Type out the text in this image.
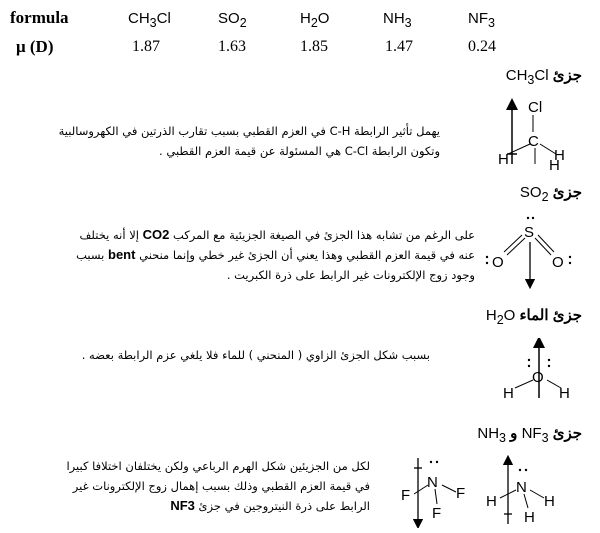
formula	$CH_3Cl$	$SO_2$	$H_2O$	$NH_3$	$NF_3$
μ (D)	1.87	1.63	1.85	1.47	0.24
جزئ $CH_3Cl$
يهمل تأثير الرابطة C-H في العزم القطبي بسبب تقارب الذرتين في الكهروسالبية
وتكون الرابطة C-Cl هي المسئولة عن قيمة العزم القطبي .
Cl
C
H	H
H
جزئ $SO_2$
على الرغم من تشابه هذا الجزئ في الصيغة الجزيئية مع المركب CO2 إلا أنه يختلف
عنه في قيمة العزم القطبي وهذا يعني أن الجزئ غير خطي وإنما منحني bent بسبب
وجود زوج الإلكترونات غير الرابط على ذرة الكبريت .
S
O	O
جزئ الماء $H_2O$
بسبب شكل الجزئ الزاوي ( المنحني ) للماء فلا يلغي عزم الرابطة بعضه .
O
H	H
جزئ $NF_3$ و $NH_3$
لكل من الجزيئين شكل الهرم الرباعي ولكن يختلفان اختلافا كبيرا
في قيمة العزم القطبي وذلك بسبب إهمال زوج الإلكترونات غير
الرابط على ذرة النيتروجين في جزئ NF3
N
F	F
F
N
H	H
H
